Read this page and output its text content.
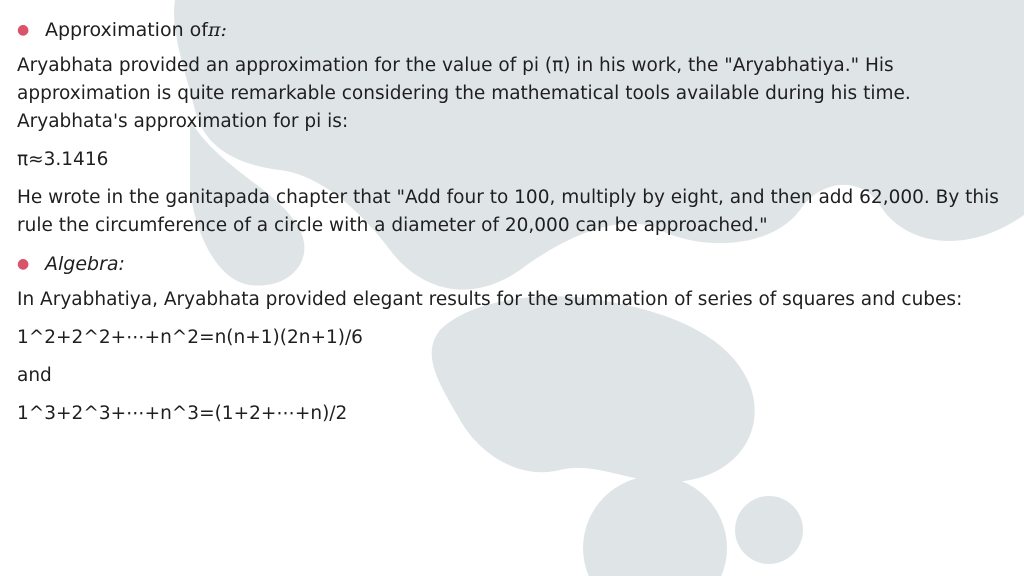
● Approximation of π:

Aryabhata provided an approximation for the value of pi (π) in his work, the "Aryabhatiya." His approximation is quite remarkable considering the mathematical tools available during his time. Aryabhata's approximation for pi is:

π≈3.1416

He wrote in the ganitapada chapter that "Add four to 100, multiply by eight, and then add 62,000. By this rule the circumference of a circle with a diameter of 20,000 can be approached."

● Algebra:

In Aryabhatiya, Aryabhata provided elegant results for the summation of series of squares and cubes:

1^2+2^2+⋯+n^2=n(n+1)(2n+1)/6

and

1^3+2^3+⋯+n^3=(1+2+⋯+n)/2
